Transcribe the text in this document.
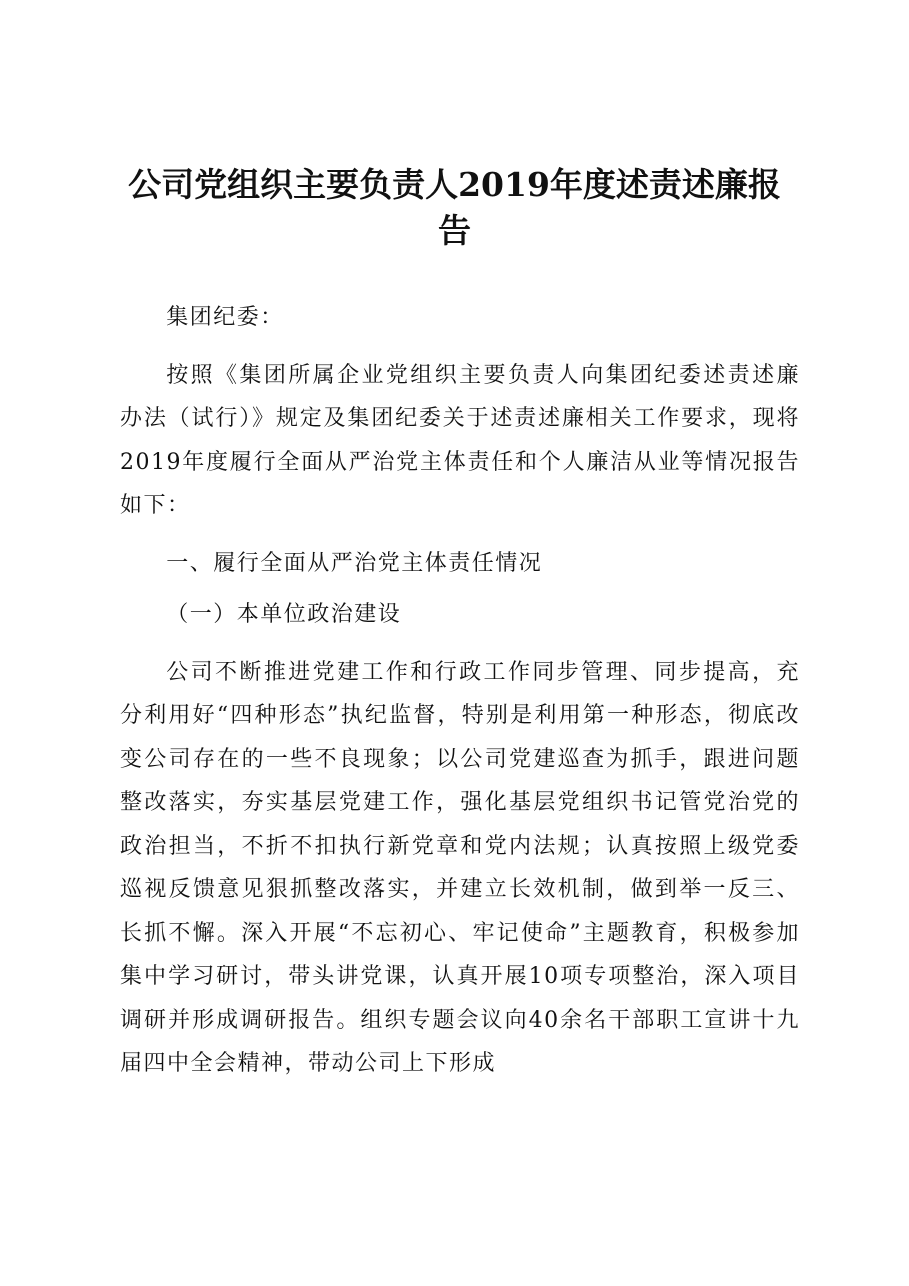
公司党组织主要负责人2019年度述责述廉报告

集团纪委：

按照《集团所属企业党组织主要负责人向集团纪委述责述廉办法（试行）》规定及集团纪委关于述责述廉相关工作要求，现将2019年度履行全面从严治党主体责任和个人廉洁从业等情况报告如下：

一、履行全面从严治党主体责任情况

（一）本单位政治建设

公司不断推进党建工作和行政工作同步管理、同步提高，充分利用好“四种形态”执纪监督，特别是利用第一种形态，彻底改变公司存在的一些不良现象；以公司党建巡查为抓手，跟进问题整改落实，夯实基层党建工作，强化基层党组织书记管党治党的政治担当，不折不扣执行新党章和党内法规；认真按照上级党委巡视反馈意见狠抓整改落实，并建立长效机制，做到举一反三、长抓不懈。深入开展“不忘初心、牢记使命”主题教育，积极参加集中学习研讨，带头讲党课，认真开展10项专项整治，深入项目调研并形成调研报告。组织专题会议向40余名干部职工宣讲十九届四中全会精神，带动公司上下形成
